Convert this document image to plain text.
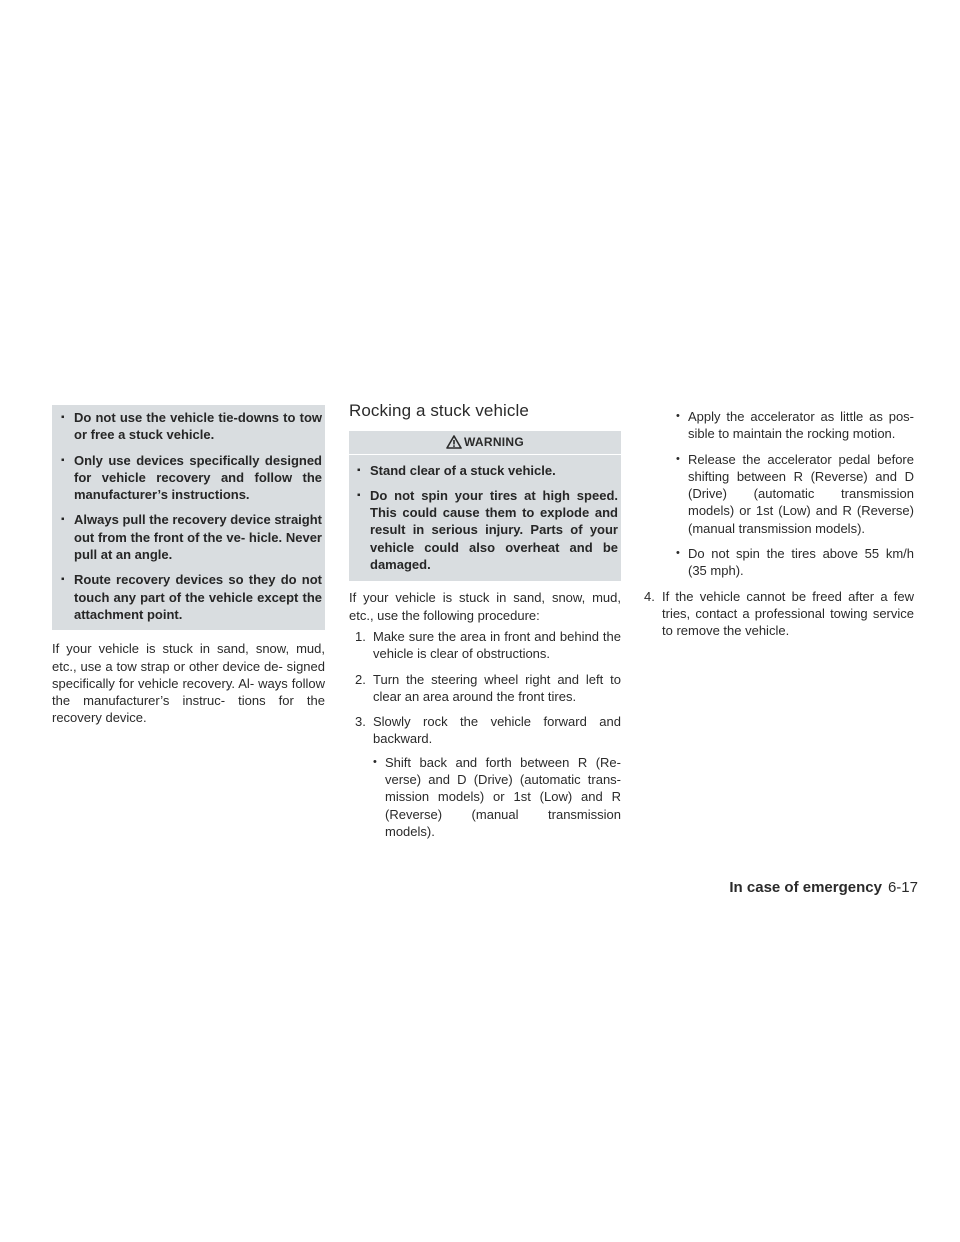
▪ Do not use the vehicle tie-downs to tow or free a stuck vehicle.
▪ Only use devices specifically designed for vehicle recovery and follow the manufacturer’s instructions.
▪ Always pull the recovery device straight out from the front of the ve- hicle. Never pull at an angle.
▪ Route recovery devices so they do not touch any part of the vehicle except the attachment point.

If your vehicle is stuck in sand, snow, mud, etc., use a tow strap or other device de- signed specifically for vehicle recovery. Al- ways follow the manufacturer’s instruc- tions for the recovery device.

Rocking a stuck vehicle
WARNING
▪ Stand clear of a stuck vehicle.
▪ Do not spin your tires at high speed. This could cause them to explode and result in serious injury. Parts of your vehicle could also overheat and be damaged.
If your vehicle is stuck in sand, snow, mud, etc., use the following procedure:
1. Make sure the area in front and behind the vehicle is clear of obstructions.
2. Turn the steering wheel right and left to clear an area around the front tires.
3. Slowly rock the vehicle forward and backward.
• Shift back and forth between R (Re- verse) and D (Drive) (automatic trans- mission models) or 1st (Low) and R (Reverse) (manual transmission models).
• Apply the accelerator as little as pos- sible to maintain the rocking motion.
• Release the accelerator pedal before shifting between R (Reverse) and D (Drive) (automatic transmission models) or 1st (Low) and R (Reverse) (manual transmission models).
• Do not spin the tires above 55 km/h (35 mph).
4. If the vehicle cannot be freed after a few tries, contact a professional towing service to remove the vehicle.
In case of emergency 6-17
